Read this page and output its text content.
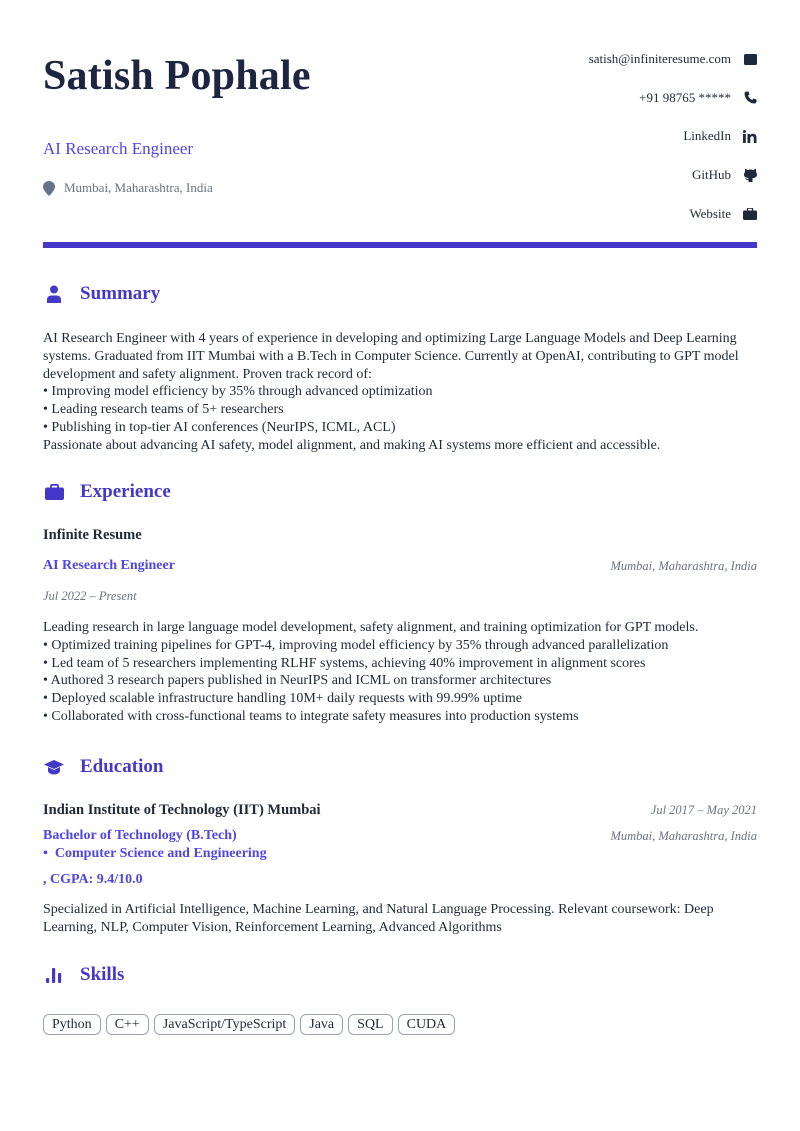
Satish Pophale
AI Research Engineer
Mumbai, Maharashtra, India
satish@infiniteresume.com
+91 98765 *****
LinkedIn
GitHub
Website
Summary
AI Research Engineer with 4 years of experience in developing and optimizing Large Language Models and Deep Learning
systems. Graduated from IIT Mumbai with a B.Tech in Computer Science. Currently at OpenAI, contributing to GPT model
development and safety alignment. Proven track record of:
• Improving model efficiency by 35% through advanced optimization
• Leading research teams of 5+ researchers
• Publishing in top-tier AI conferences (NeurIPS, ICML, ACL)
Passionate about advancing AI safety, model alignment, and making AI systems more efficient and accessible.
Experience
Infinite Resume
AI Research Engineer	Mumbai, Maharashtra, India
Jul 2022 – Present
Leading research in large language model development, safety alignment, and training optimization for GPT models.
• Optimized training pipelines for GPT-4, improving model efficiency by 35% through advanced parallelization
• Led team of 5 researchers implementing RLHF systems, achieving 40% improvement in alignment scores
• Authored 3 research papers published in NeurIPS and ICML on transformer architectures
• Deployed scalable infrastructure handling 10M+ daily requests with 99.99% uptime
• Collaborated with cross-functional teams to integrate safety measures into production systems
Education
Indian Institute of Technology (IIT) Mumbai	Jul 2017 – May 2021
Bachelor of Technology (B.Tech)	Mumbai, Maharashtra, India
•  Computer Science and Engineering
, CGPA: 9.4/10.0
Specialized in Artificial Intelligence, Machine Learning, and Natural Language Processing. Relevant coursework: Deep
Learning, NLP, Computer Vision, Reinforcement Learning, Advanced Algorithms
Skills
Python	C++	JavaScript/TypeScript	Java	SQL	CUDA
